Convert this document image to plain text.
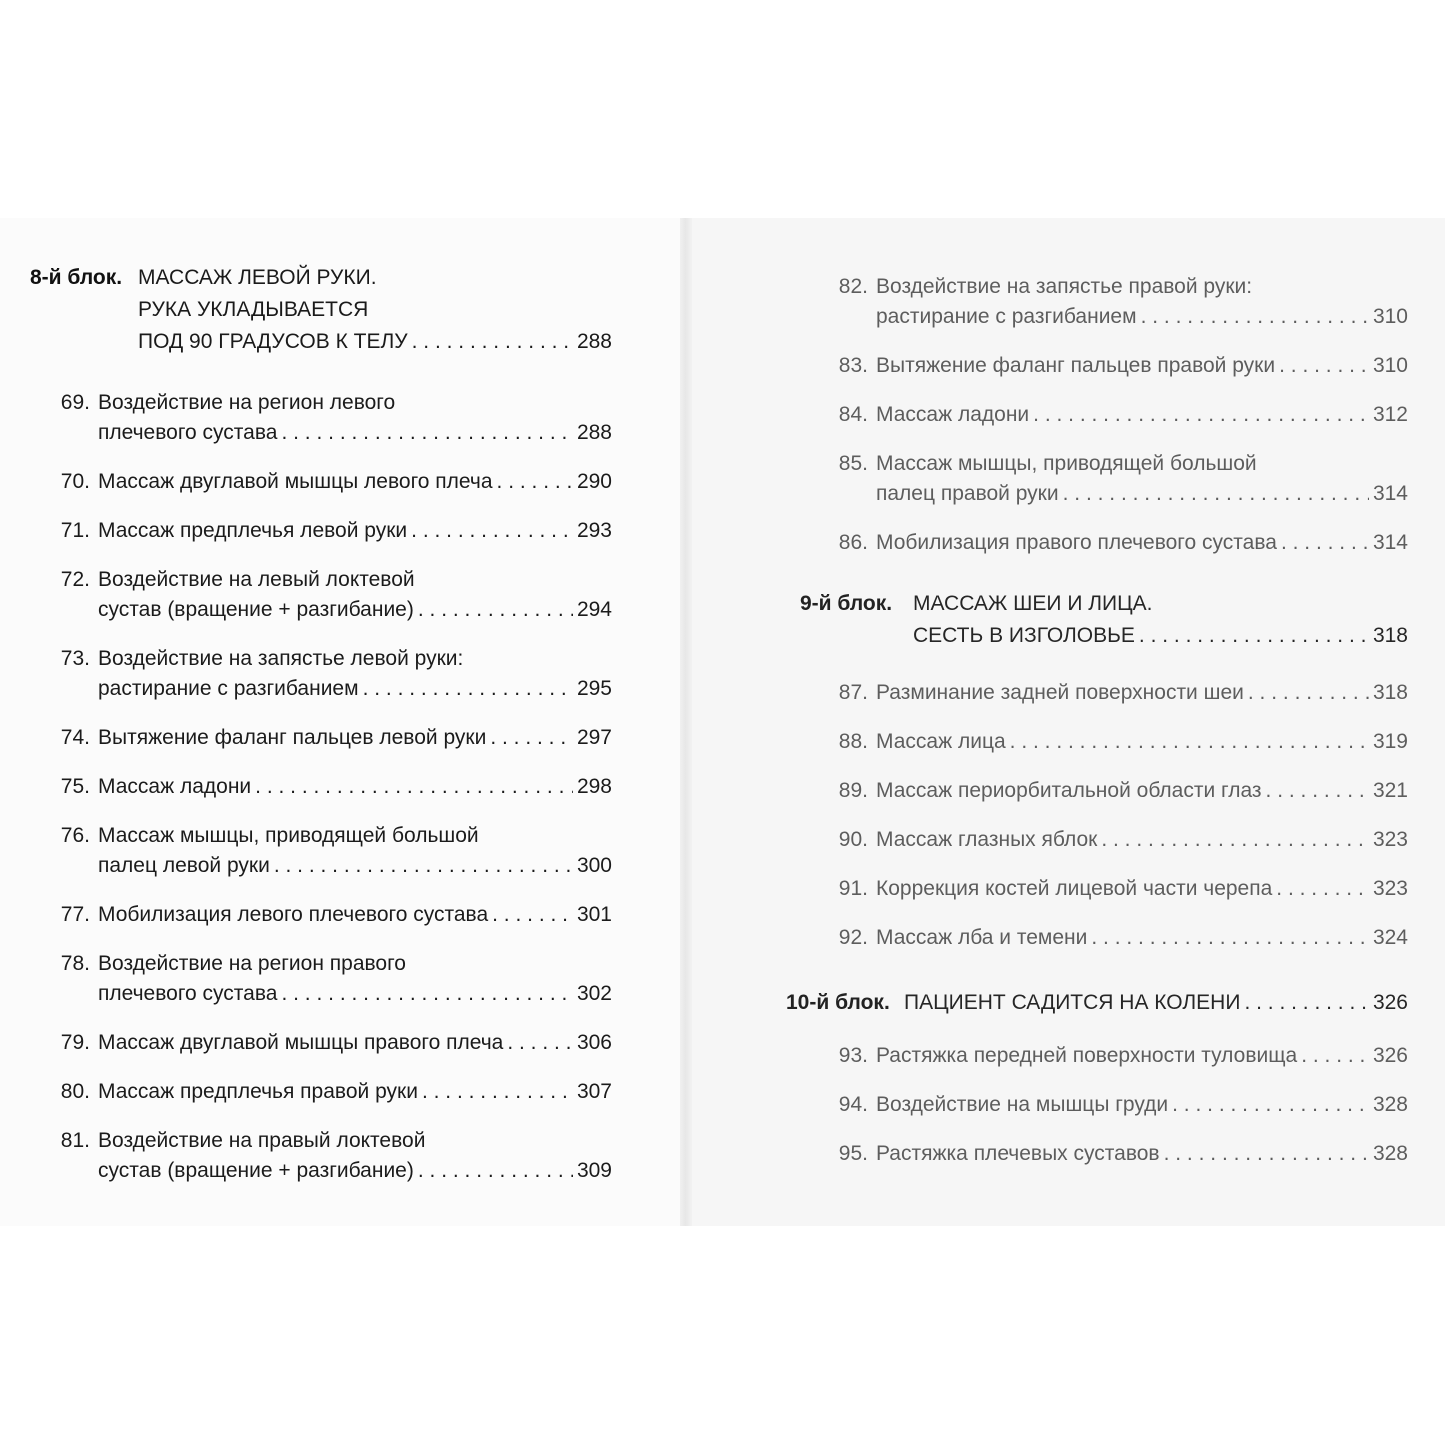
8-й блок. МАССАЖ ЛЕВОЙ РУКИ.
РУКА УКЛАДЫВАЕТСЯ
ПОД 90 ГРАДУСОВ К ТЕЛУ . . .	288
69. Воздействие на регион левого
плечевого сустава . . .	288
70. Массаж двуглавой мышцы левого плеча . . .	290
71. Массаж предплечья левой руки . . .	293
72. Воздействие на левый локтевой
сустав (вращение + разгибание) . . .	294
73. Воздействие на запястье левой руки:
растирание с разгибанием . . .	295
74. Вытяжение фаланг пальцев левой руки . . .	297
75. Массаж ладони . . .	298
76. Массаж мышцы, приводящей большой
палец левой руки . . .	300
77. Мобилизация левого плечевого сустава . . .	301
78. Воздействие на регион правого
плечевого сустава . . .	302
79. Массаж двуглавой мышцы правого плеча . . .	306
80. Массаж предплечья правой руки . . .	307
81. Воздействие на правый локтевой
сустав (вращение + разгибание) . . .	309
82. Воздействие на запястье правой руки:
растирание с разгибанием . . .	310
83. Вытяжение фаланг пальцев правой руки . . .	310
84. Массаж ладони . . .	312
85. Массаж мышцы, приводящей большой
палец правой руки . . .	314
86. Мобилизация правого плечевого сустава . . .	314
9-й блок. МАССАЖ ШЕИ И ЛИЦА.
СЕСТЬ В ИЗГОЛОВЬЕ . . .	318
87. Разминание задней поверхности шеи . . .	318
88. Массаж лица . . .	319
89. Массаж периорбитальной области глаз . . .	321
90. Массаж глазных яблок . . .	323
91. Коррекция костей лицевой части черепа . . .	323
92. Массаж лба и темени . . .	324
10-й блок. ПАЦИЕНТ САДИТСЯ НА КОЛЕНИ . . .	326
93. Растяжка передней поверхности туловища . . .	326
94. Воздействие на мышцы груди . . .	328
95. Растяжка плечевых суставов . . .	328
